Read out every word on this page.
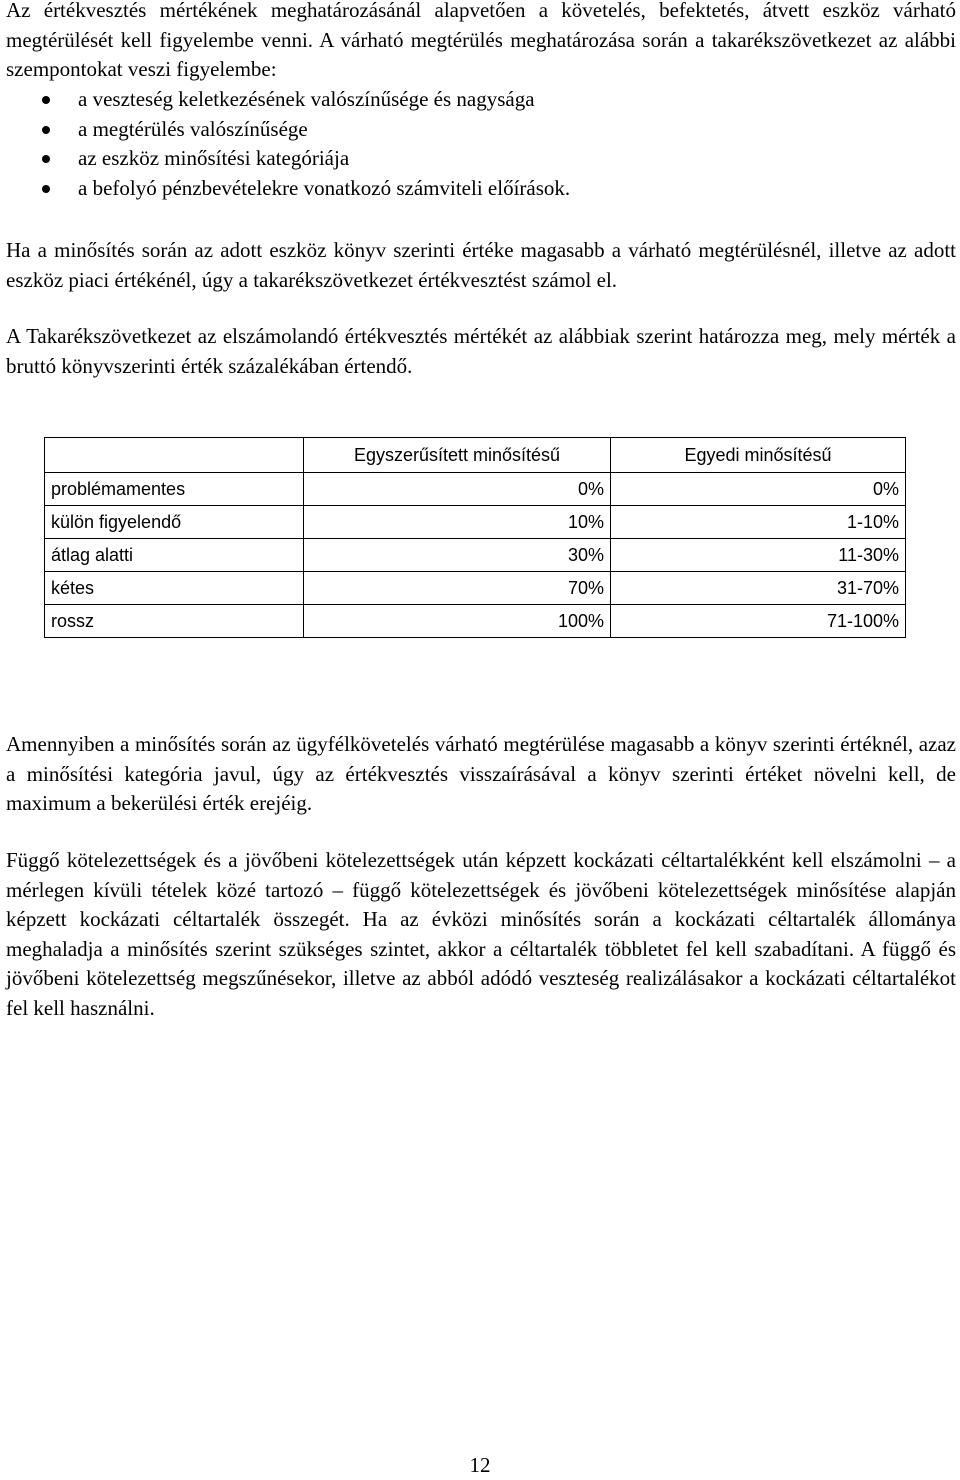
Az értékvesztés mértékének meghatározásánál alapvetően a követelés, befektetés, átvett eszköz várható megtérülését kell figyelembe venni. A várható megtérülés meghatározása során a takarékszövetkezet az alábbi szempontokat veszi figyelembe:

a veszteség keletkezésének valószínűsége és nagysága
a megtérülés valószínűsége
az eszköz minősítési kategóriája
a befolyó pénzbevételekre vonatkozó számviteli előírások.

Ha a minősítés során az adott eszköz könyv szerinti értéke magasabb a várható megtérülésnél, illetve az adott eszköz piaci értékénél, úgy a takarékszövetkezet értékvesztést számol el.

A Takarékszövetkezet az elszámolandó értékvesztés mértékét az alábbiak szerint határozza meg, mely mérték a bruttó könyvszerinti érték százalékában értendő.

	Egyszerűsített minősítésű	Egyedi minősítésű
problémamentes	0%	0%
külön figyelendő	10%	1-10%
átlag alatti	30%	11-30%
kétes	70%	31-70%
rossz	100%	71-100%

Amennyiben a minősítés során az ügyfélkövetelés várható megtérülése magasabb a könyv szerinti értéknél, azaz a minősítési kategória javul, úgy az értékvesztés visszaírásával a könyv szerinti értéket növelni kell, de maximum a bekerülési érték erejéig.

Függő kötelezettségek és a jövőbeni kötelezettségek után képzett kockázati céltartalékként kell elszámolni – a mérlegen kívüli tételek közé tartozó – függő kötelezettségek és jövőbeni kötelezettségek minősítése alapján képzett kockázati céltartalék összegét. Ha az évközi minősítés során a kockázati céltartalék állománya meghaladja a minősítés szerint szükséges szintet, akkor a céltartalék többletet fel kell szabadítani. A függő és jövőbeni kötelezettség megszűnésekor, illetve az abból adódó veszteség realizálásakor a kockázati céltartalékot fel kell használni.

12
